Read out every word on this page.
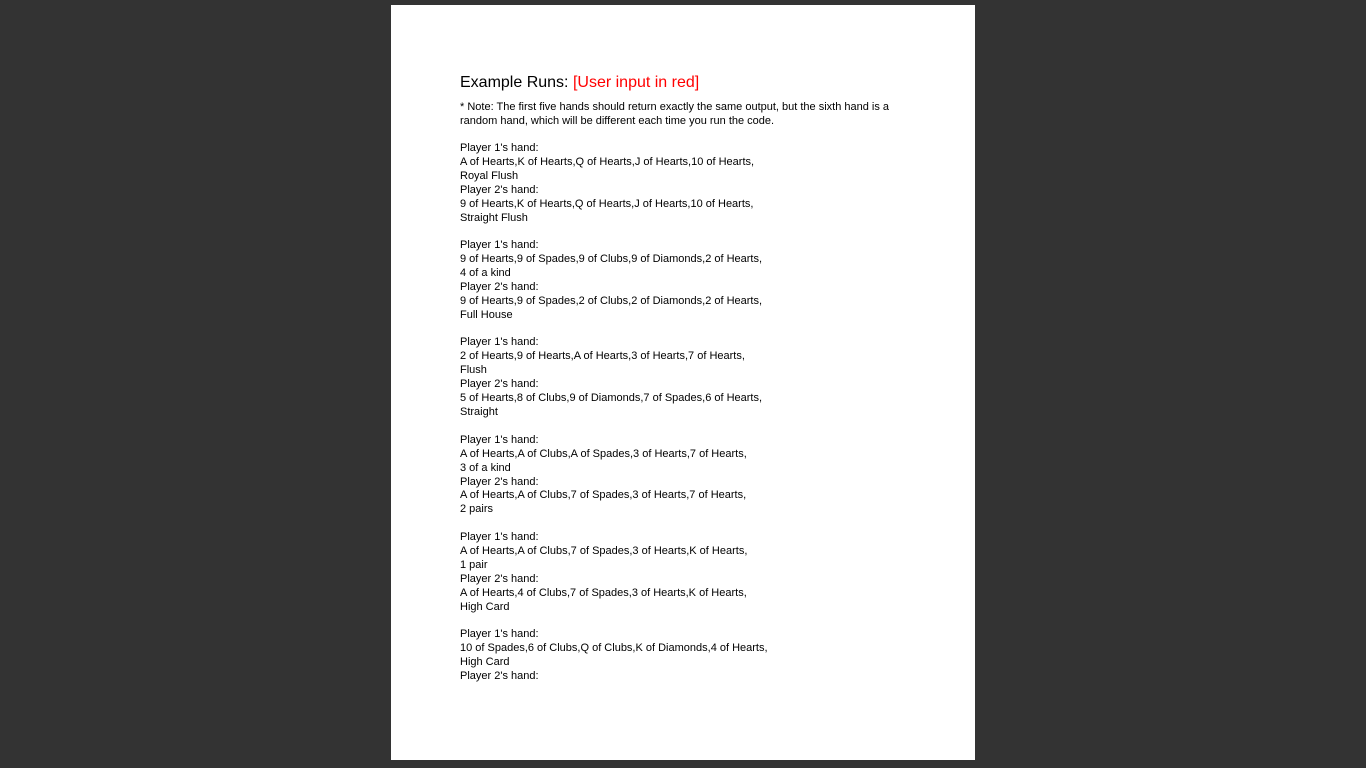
Example Runs: [User input in red]
* Note: The first five hands should return exactly the same output, but the sixth hand is a
random hand, which will be different each time you run the code.
Player 1's hand:
A of Hearts,K of Hearts,Q of Hearts,J of Hearts,10 of Hearts,
Royal Flush
Player 2's hand:
9 of Hearts,K of Hearts,Q of Hearts,J of Hearts,10 of Hearts,
Straight Flush
Player 1's hand:
9 of Hearts,9 of Spades,9 of Clubs,9 of Diamonds,2 of Hearts,
4 of a kind
Player 2's hand:
9 of Hearts,9 of Spades,2 of Clubs,2 of Diamonds,2 of Hearts,
Full House
Player 1's hand:
2 of Hearts,9 of Hearts,A of Hearts,3 of Hearts,7 of Hearts,
Flush
Player 2's hand:
5 of Hearts,8 of Clubs,9 of Diamonds,7 of Spades,6 of Hearts,
Straight
Player 1's hand:
A of Hearts,A of Clubs,A of Spades,3 of Hearts,7 of Hearts,
3 of a kind
Player 2's hand:
A of Hearts,A of Clubs,7 of Spades,3 of Hearts,7 of Hearts,
2 pairs
Player 1's hand:
A of Hearts,A of Clubs,7 of Spades,3 of Hearts,K of Hearts,
1 pair
Player 2's hand:
A of Hearts,4 of Clubs,7 of Spades,3 of Hearts,K of Hearts,
High Card
Player 1's hand:
10 of Spades,6 of Clubs,Q of Clubs,K of Diamonds,4 of Hearts,
High Card
Player 2's hand:
